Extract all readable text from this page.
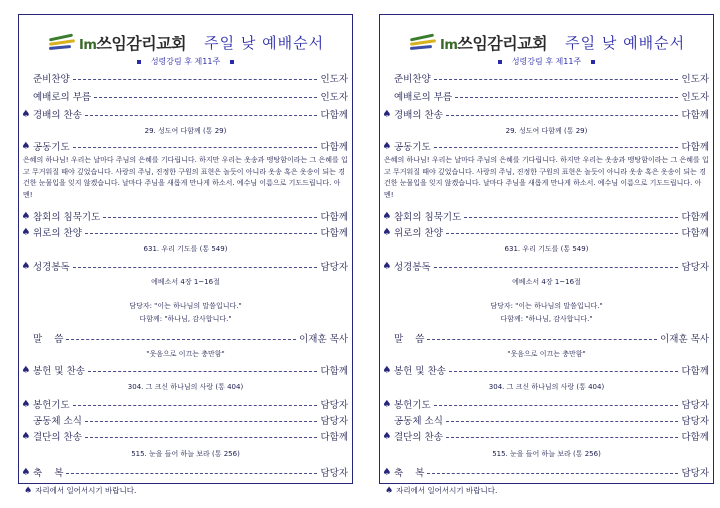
Im쓰임감리교회 주일 낮 예배순서
성령강림 후 제11주
준비찬양	인도자
예배로의 부름	인도자
♠ 경배의 찬송	다함께
29. 성도여 다함께 (통 29)
♠ 공동기도	다함께
은혜의 하나님! 우리는 날마다 주님의 은혜를 기다립니다. 하지만 우리는 옷송과 맹탕함이라는 그 은혜를 입고 무거워질 때야 깊었습니다. 사랑의 주님, 진정한 구원의 표현은 놀듯이 아니라 옷송 혹은 옷송이 되는 경건한 눈물입을 잊지 않겠습니다. 날마다 주님을 새롭게 만나게 하소서. 예수님 이름으로 기도드립니다. 아멘!
♠ 참회의 침묵기도	다함께
♠ 위로의 찬양	다함께
631. 우리 기도를 (통 549)
♠ 성경봉독	담당자
에베소서 4장 1~16절
담당자: "이는 하나님의 말씀입니다."
다함께: "하나님, 감사합니다."
말    씀	이재훈 목사
"웃음으로 이끄는 충만함"
♠ 봉헌 및 찬송	다함께
304. 그 크신 하나님의 사랑 (통 404)
♠ 봉헌기도	담당자
공동체 소식	담당자
♠ 결단의 찬송	다함께
515. 눈을 들어 하늘 보라 (통 256)
♠ 축    복	담당자
Im쓰임감리교회 주일 낮 예배순서
성령강림 후 제11주
준비찬양	인도자
예배로의 부름	인도자
♠ 경배의 찬송	다함께
29. 성도여 다함께 (통 29)
♠ 공동기도	다함께
은혜의 하나님! 우리는 날마다 주님의 은혜를 기다립니다. 하지만 우리는 옷송과 맹탕함이라는 그 은혜를 입고 무거워질 때야 깊었습니다. 사랑의 주님, 진정한 구원의 표현은 놀듯이 아니라 옷송 혹은 옷송이 되는 경건한 눈물입을 잊지 않겠습니다. 날마다 주님을 새롭게 만나게 하소서. 예수님 이름으로 기도드립니다. 아멘!
♠ 참회의 침묵기도	다함께
♠ 위로의 찬양	다함께
631. 우리 기도를 (통 549)
♠ 성경봉독	담당자
에베소서 4장 1~16절
담당자: "이는 하나님의 말씀입니다."
다함께: "하나님, 감사합니다."
말    씀	이재훈 목사
"웃음으로 이끄는 충만함"
♠ 봉헌 및 찬송	다함께
304. 그 크신 하나님의 사랑 (통 404)
♠ 봉헌기도	담당자
공동체 소식	담당자
♠ 결단의 찬송	다함께
515. 눈을 들어 하늘 보라 (통 256)
♠ 축    복	담당자
♠ 자리에서 일어서시기 바랍니다.	♠ 자리에서 일어서시기 바랍니다.
